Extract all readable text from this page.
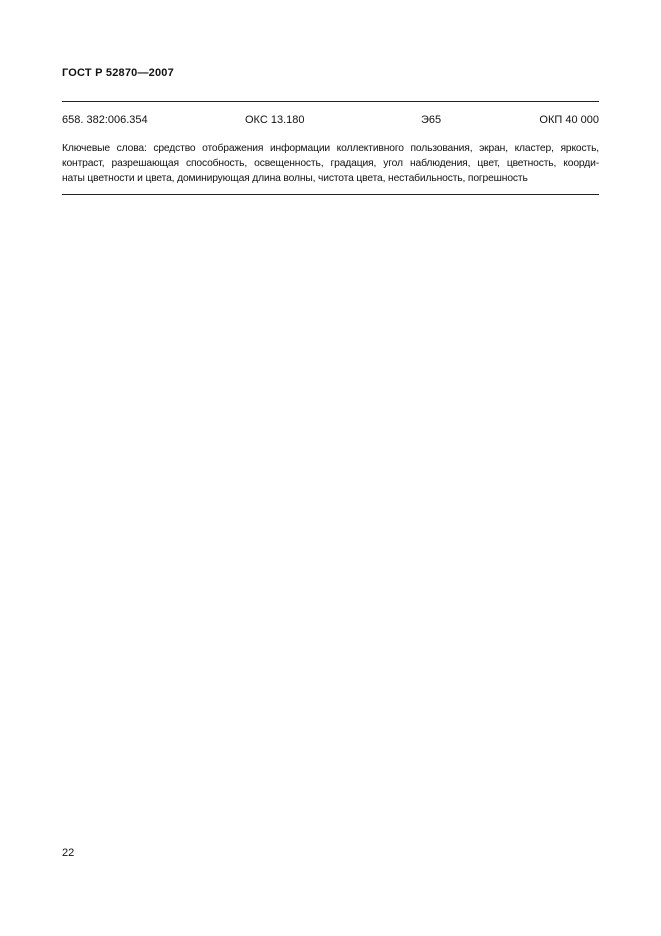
ГОСТ Р 52870—2007
658. 382:006.354	ОКС 13.180	Э65	ОКП 40 000
Ключевые слова: средство отображения информации коллективного пользования, экран, кластер, яркость,
контраст, разрешающая способность, освещенность, градация, угол наблюдения, цвет, цветность, коорди-
наты цветности и цвета, доминирующая длина волны, чистота цвета, нестабильность, погрешность
22
